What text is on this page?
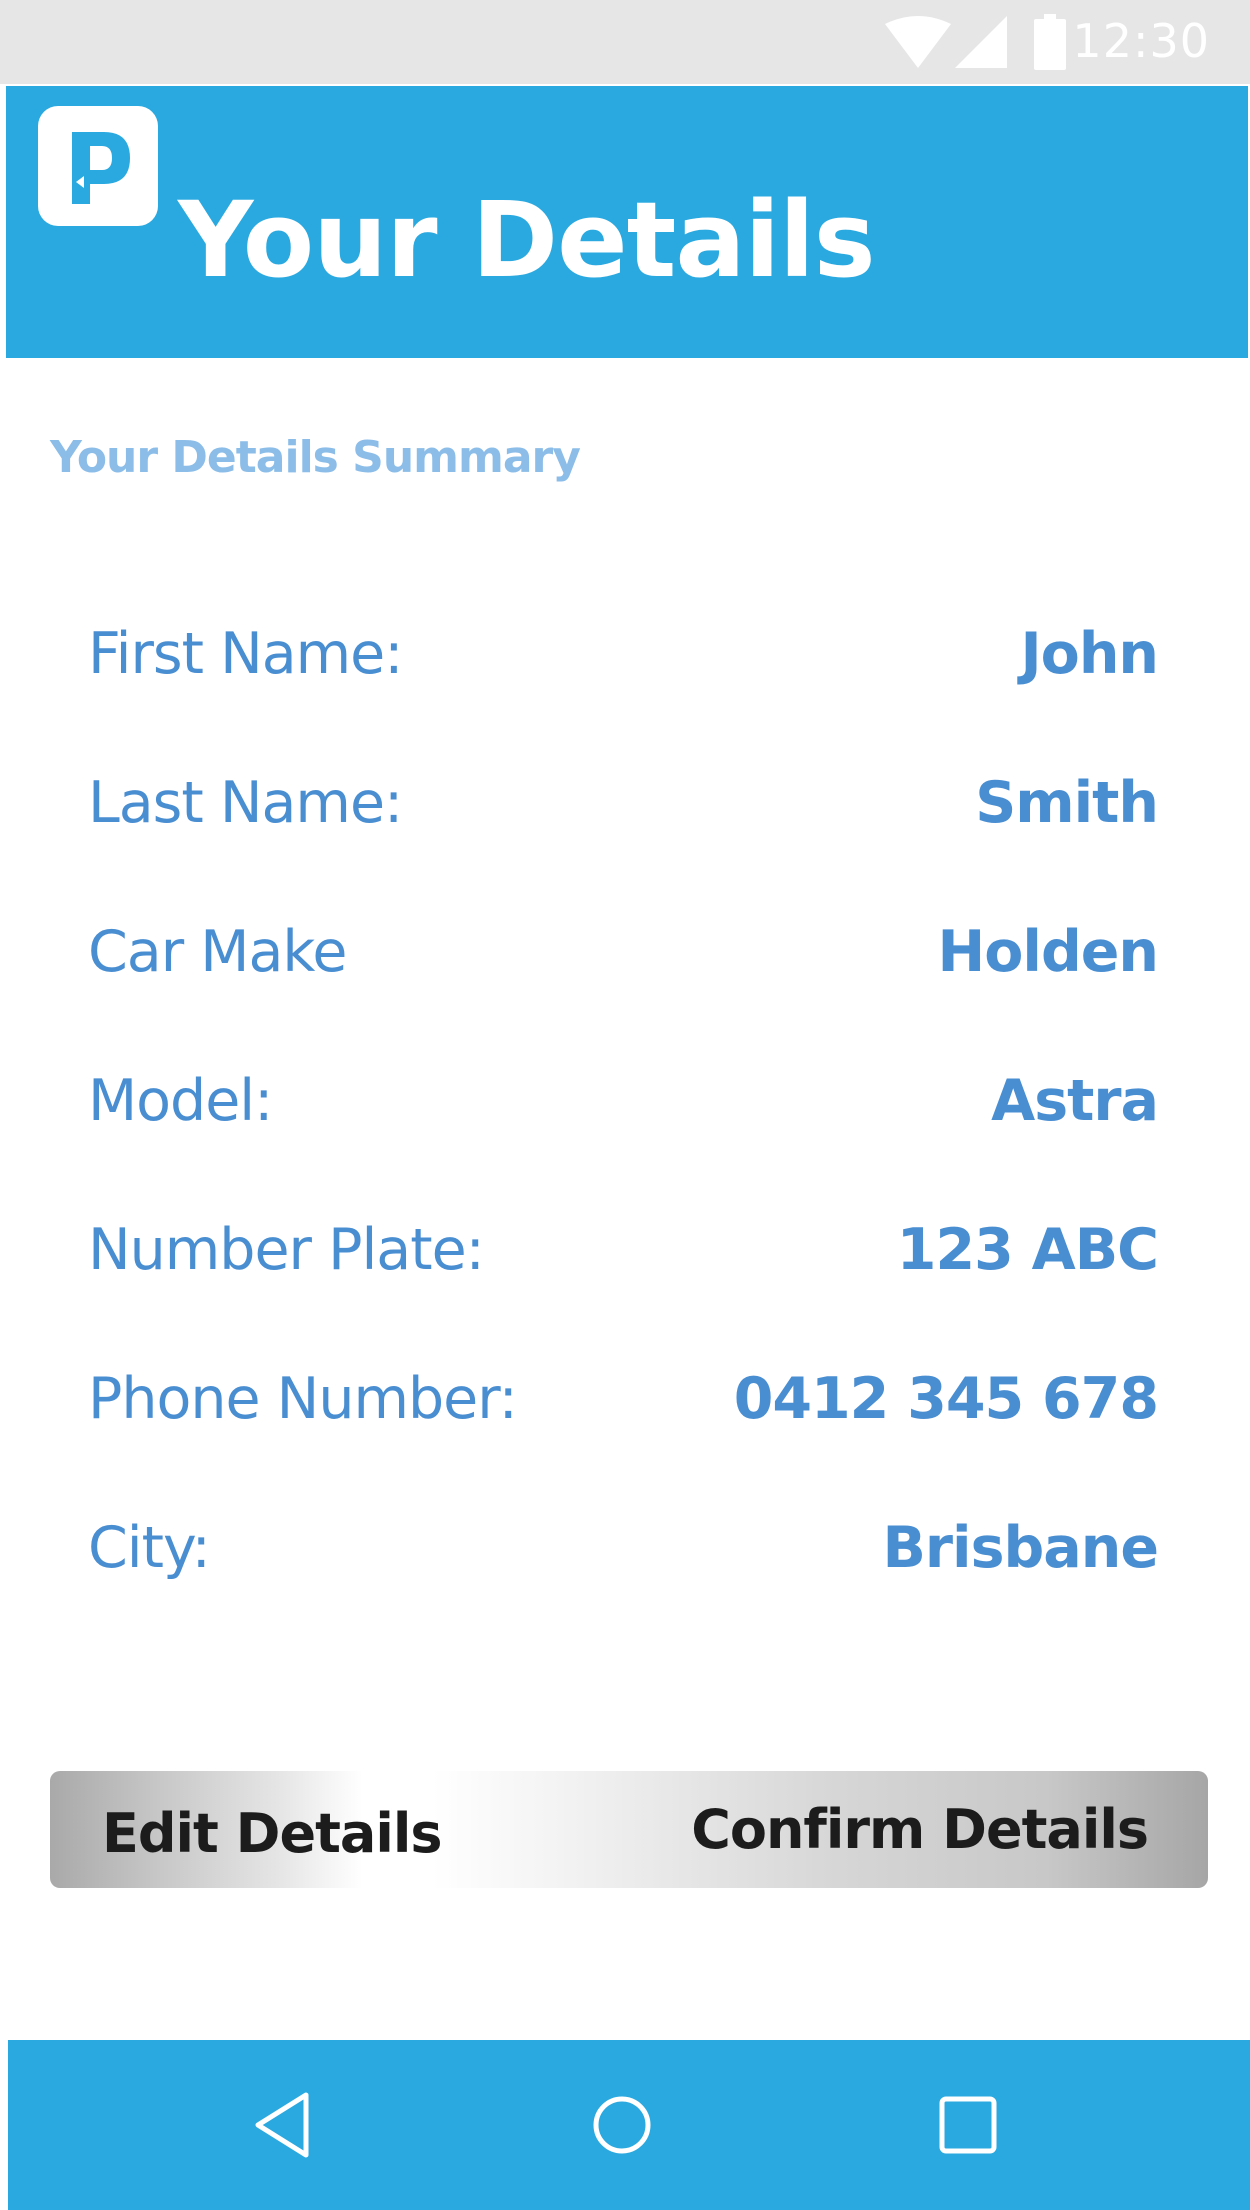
12:30
Your Details
Your Details Summary
First Name:	John
Last Name:	Smith
Car Make	Holden
Model:	Astra
Number Plate:	123 ABC
Phone Number:	0412 345 678
City:	Brisbane
Edit Details	Confirm Details
